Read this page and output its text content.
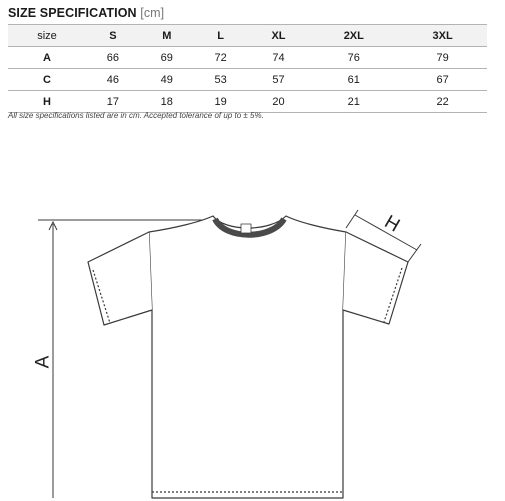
SIZE SPECIFICATION [cm]
size	S	M	L	XL	2XL	3XL
A	66	69	72	74	76	79
C	46	49	53	57	61	67
H	17	18	19	20	21	22
All size specifications listed are in cm. Accepted tolerance of up to ± 5%.
A
H
